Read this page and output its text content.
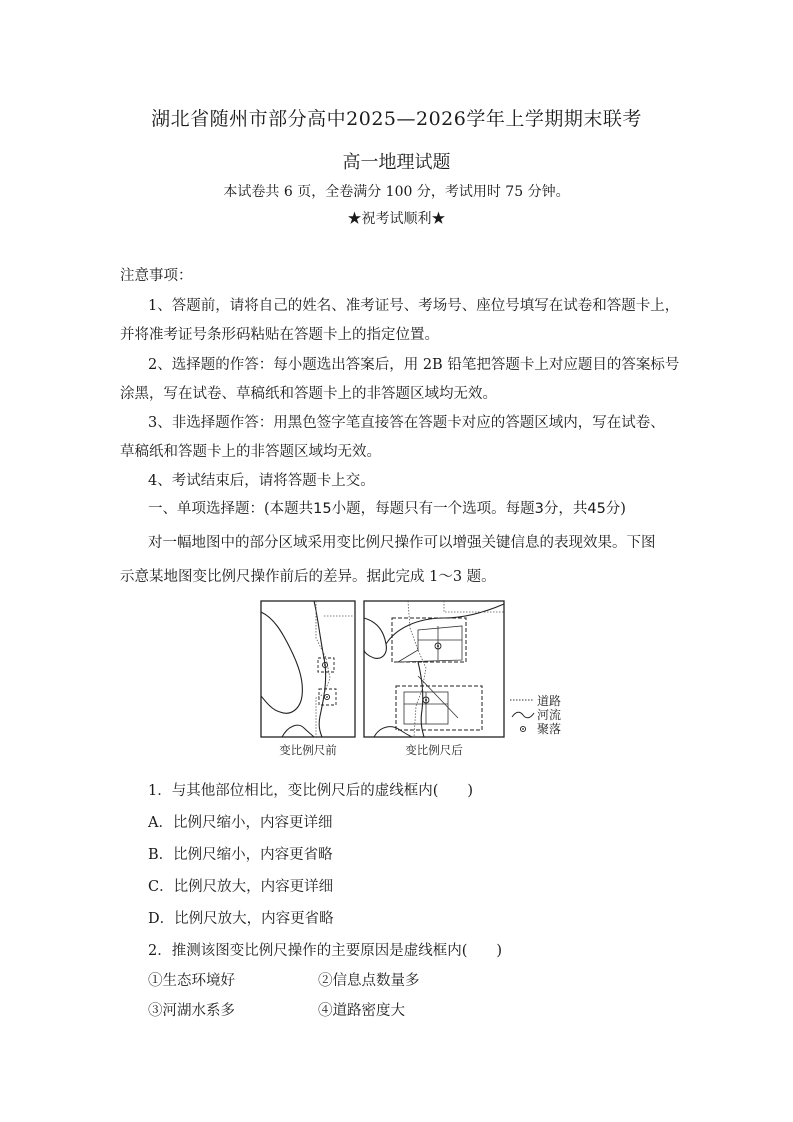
湖北省随州市部分高中2025—2026学年上学期期末联考
高一地理试题
本试卷共 6 页，全卷满分 100 分，考试用时 75 分钟。
★祝考试顺利★
注意事项：
1、答题前，请将自己的姓名、准考证号、考场号、座位号填写在试卷和答题卡上，
并将准考证号条形码粘贴在答题卡上的指定位置。
2、选择题的作答：每小题选出答案后，用 2B 铅笔把答题卡上对应题目的答案标号
涂黑，写在试卷、草稿纸和答题卡上的非答题区域均无效。
3、非选择题作答：用黑色签字笔直接答在答题卡对应的答题区域内，写在试卷、
草稿纸和答题卡上的非答题区域均无效。
4、考试结束后，请将答题卡上交。
一、单项选择题：(本题共15小题，每题只有一个选项。每题3分，共45分)
对一幅地图中的部分区域采用变比例尺操作可以增强关键信息的表现效果。下图
示意某地图变比例尺操作前后的差异。据此完成 1～3 题。
道路
河流
聚落
变比例尺前	变比例尺后
1．与其他部位相比，变比例尺后的虚线框内(　　)
A．比例尺缩小，内容更详细
B．比例尺缩小，内容更省略
C．比例尺放大，内容更详细
D．比例尺放大，内容更省略
2．推测该图变比例尺操作的主要原因是虚线框内(　　)
①生态环境好	②信息点数量多
③河湖水系多	④道路密度大
